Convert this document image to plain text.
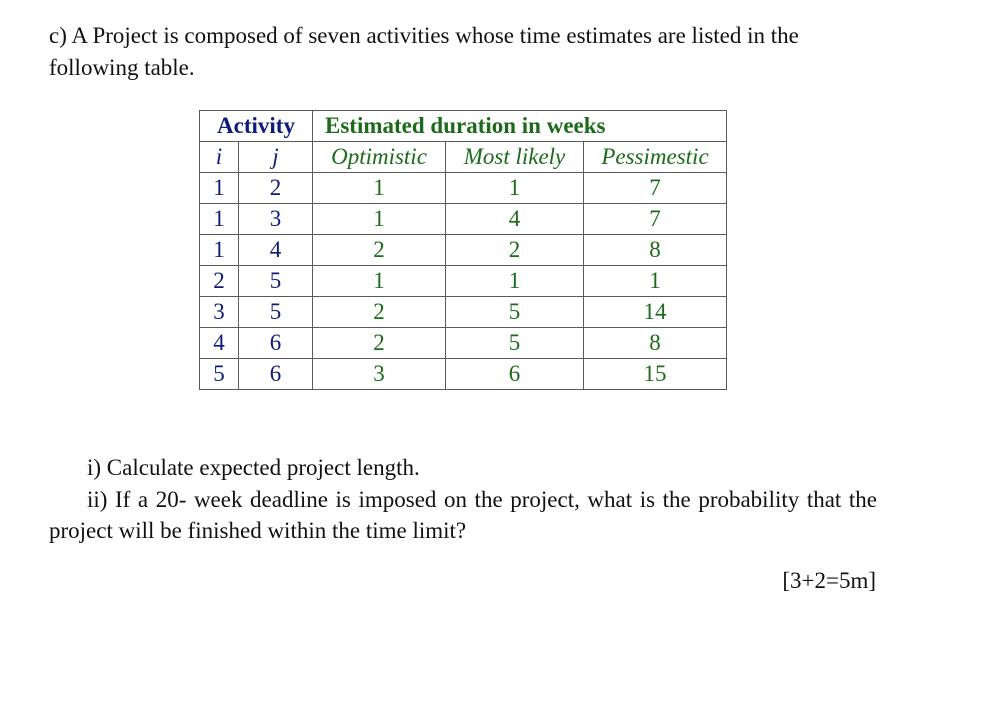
c) A Project is composed of seven activities whose time estimates are listed in the following table.

Activity		Estimated duration in weeks		
i	j	Optimistic	Most likely	Pessimestic
1	2	1	1	7
1	3	1	4	7
1	4	2	2	8
2	5	1	1	1
3	5	2	5	14
4	6	2	5	8
5	6	3	6	15

i) Calculate expected project length.

ii) If a 20- week deadline is imposed on the project, what is the probability that the project will be finished within the time limit?

[3+2=5m]
